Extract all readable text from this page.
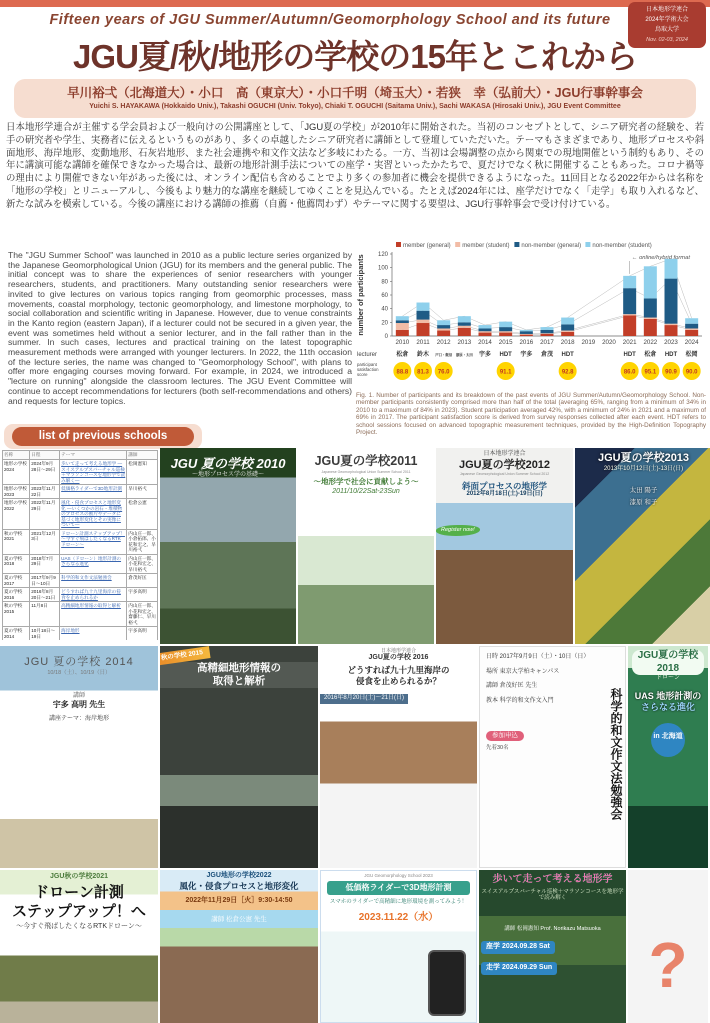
日本地形学連合
2024年学術大会
鳥取大学
Nov. 02-03, 2024
Fifteen years of JGU Summer/Autumn/Geomorphology School and its future
JGU夏/秋/地形の学校の15年とこれから
早川裕弌（北海道大）・小口　高（東京大）・小口千明（埼玉大）・若狭　幸（弘前大）・JGU行事幹事会
Yuichi S. HAYAKAWA (Hokkaido Univ.), Takashi OGUCHI (Univ. Tokyo), Chiaki T. OGUCHI (Saitama Univ.), Sachi WAKASA (Hirosaki Univ.), JGU Event Committee
日本地形学連合が主催する学会員および一般向けの公開講座として、「JGU夏の学校」が2010年に開始された。当初のコンセプトとして、シニア研究者の経験を、若手の研究者や学生、実務者に伝えるというものがあり、多くの卓越したシニア研究者に講師として登壇していただいた。テーマもさまざまであり、地形プロセスや斜面地形、海岸地形、変動地形、石灰岩地形、また社会連携や和文作文法など多岐にわたる。一方、当初は会場調整の点から関東での現地開催という制約もあり、その年に講演可能な講師を確保できなかった場合は、最新の地形計測手法についての座学・実習といったかたちで、夏だけでなく秋に開催することもあった。コロナ禍等の理由により開催できない年があった後には、オンライン配信も含めることでより多くの参加者に機会を提供できるようになった。11回目となる2022年からは名称を「地形の学校」とリニューアルし、今後もより魅力的な講座を継続してゆくことを見込んでいる。たとえば2024年には、座学だけでなく「走学」も取り入れるなど、新たな試みを模索している。今後の講座における講師の推薦（自薦・他薦問わず）やテーマに関する要望は、JGU行事幹事会で受け付けている。
The "JGU Summer School" was launched in 2010 as a public lecture series organized by the Japanese Geomorphological Union (JGU) for its members and the general public. The initial concept was to share the experiences of senior researchers with younger researchers, students, and practitioners. Many outstanding senior researchers were invited to give lectures on various topics ranging from geomorphic processes, mass movements, coastal morphology, tectonic geomorphology, and limestone morphology, to social collaboration and scientific writing in Japanese. However, due to venue constraints in the Kanto region (eastern Japan), if a lecturer could not be secured in a given year, the event was sometimes held without a senior lecturer, and in the fall rather than in the summer. In such cases, lectures and practical training on the latest topographic measurement methods were arranged with younger lecturers. In 2022, the 11th occasion of the lecture series, the name was changed to "Geomorphology School", with plans to offer more engaging courses moving forward. For example, in 2024, we introduced a "lecture on running" alongside the classroom lectures. The JGU Event Committee will continue to accept recommendations for lecturers (both self-recommendations and others) and requests for lecture topics.
member (general) member (student) non-member (general) non-member (student)
0
20
40
60
80
100
120
number of participants	← online/hybrid format
2010 2011 2012 2013 2014 2015 2016 2017 2018 2019 2020 2021 2022 2023 2024
lecturer	松倉 鈴木 戸口・飯沼 漆原・太田 宇多 HDT 宇多 倉茂 HDT	HDT 松倉 HDT 松岡
participant
satisfaction
score	88.8 81.3 76.0	91.1	92.8	86.0 95.1 90.9 90.0
Fig. 1. Number of participants and its breakdown of the past events of JGU Summer/Autumn/Geomorphology School. Non-member participants consistently comprised more than half of the total (averaging 65%, ranging from a minimum of 34% in 2010 to a maximum of 84% in 2023). Student participation averaged 42%, with a minimum of 24% in 2021 and a maximum of 69% in 2017. The participant satisfaction score is derived from survey responses collected after each event. HDT refers to school sessions focused on advanced topographic measurement techniques, provided by the High-Definition Topography Project.
list of previous schools
名称	日程	テーマ	講師
地形の学校 2024	2024年9月28日～29日	歩いて走って考える地形学 ―スイスアルプスバーチャル巡検＋マラソンコースを地形学で読み解く―	松岡憲知
地形の学校 2023	2023年11月22日	低価格ライダーで3D地形計測	早川裕弌
地形の学校 2022	2022年11月29日	風化・侵食プロセスと地形変化 ―いくつかの岩石・堆積物のプロセスの断片やデータに基づく地形変化とその実像について―	松倉公憲
秋の学校2021	2021年12月3日	ドローン計測ステップアップ！～今すぐ飛ばしたくなるRTKドローン～	内山庄一郎、小倉拓郎、小花和宏之、早川裕弌
夏の学校2018	2018年7月29日	UAS（ドローン）地形計測のさらなる進化	内山庄一郎、小花和宏之、早川裕弌
夏の学校2017	2017年9月9日～10日	科学的和文作文法勉強会	倉茂好匡
夏の学校2016	2016年8月20日～21日	どうすれば九十九里海岸の侵食を止められるか	宇多高明
秋の学校2015	11月8日	高精細地形情報の取得と解析	内山庄一郎、小花和宏之、齋藤仁、早川裕弌
夏の学校2014	10月18日～19日	海岸地形	宇多高明

JGU 夏の学校 2010
～地形プロセス学の基礎～
JGU夏の学校2011
Japanese Geomorphological Union Summer School 2011
～地形学で社会に貢献しよう～
2011/10/22Sat-23Sun
日本地形学連合
JGU夏の学校2012
Japanese Geomorphological Union Summer School 2012
斜面プロセスの地形学
2012年8月18日(土)-19日(日)
Register now!
JGU夏の学校2013
2013年10月12日(土)-13日(日)
太田 陽子
漆原 和子
JGU 夏の学校 2014
10/18（土）、10/19（日）
講師
宇多 高明 先生
講座テーマ：海岸地形
秋の学校 2015
高精細地形情報の
取得と解析
日本地形学連合
JGU夏の学校 2016
どうすれば九十九里海岸の
侵食を止められるか？
2016年8月20日(土)～21日(日)	科学的和文作文法勉強会
日時 2017年9月9日（土）・10日（日）
場所 東京大学柏キャンパス
講師 倉茂好匡 先生
教本 科学的和文作文入門
参加申込
先着30名
JGU夏の学校2018
ドローン
UAS 地形計測の
さらなる進化
in 北海道
JGU秋の学校2021
ドローン計測
ステップアップ！へ
～今すぐ飛ばしたくなるRTKドローン～
JGU地形の学校2022
風化・侵食プロセスと地形変化
2022年11月29日［火］9:30-14:50
講師 松倉公憲 先生
JGU Geomorphology School 2023
低価格ライダーで3D地形計測
スマホのライダーで高精細に地形環境を測ってみよう！
2023.11.22（水）
歩いて走って考える地形学
スイスアルプスバーチャル巡検＋マラソンコースを地形学で読み解く
講師 松岡憲知 Prof. Norikazu Matsuoka
座学 2024.09.28 Sat走学 2024.09.29 Sun	?
